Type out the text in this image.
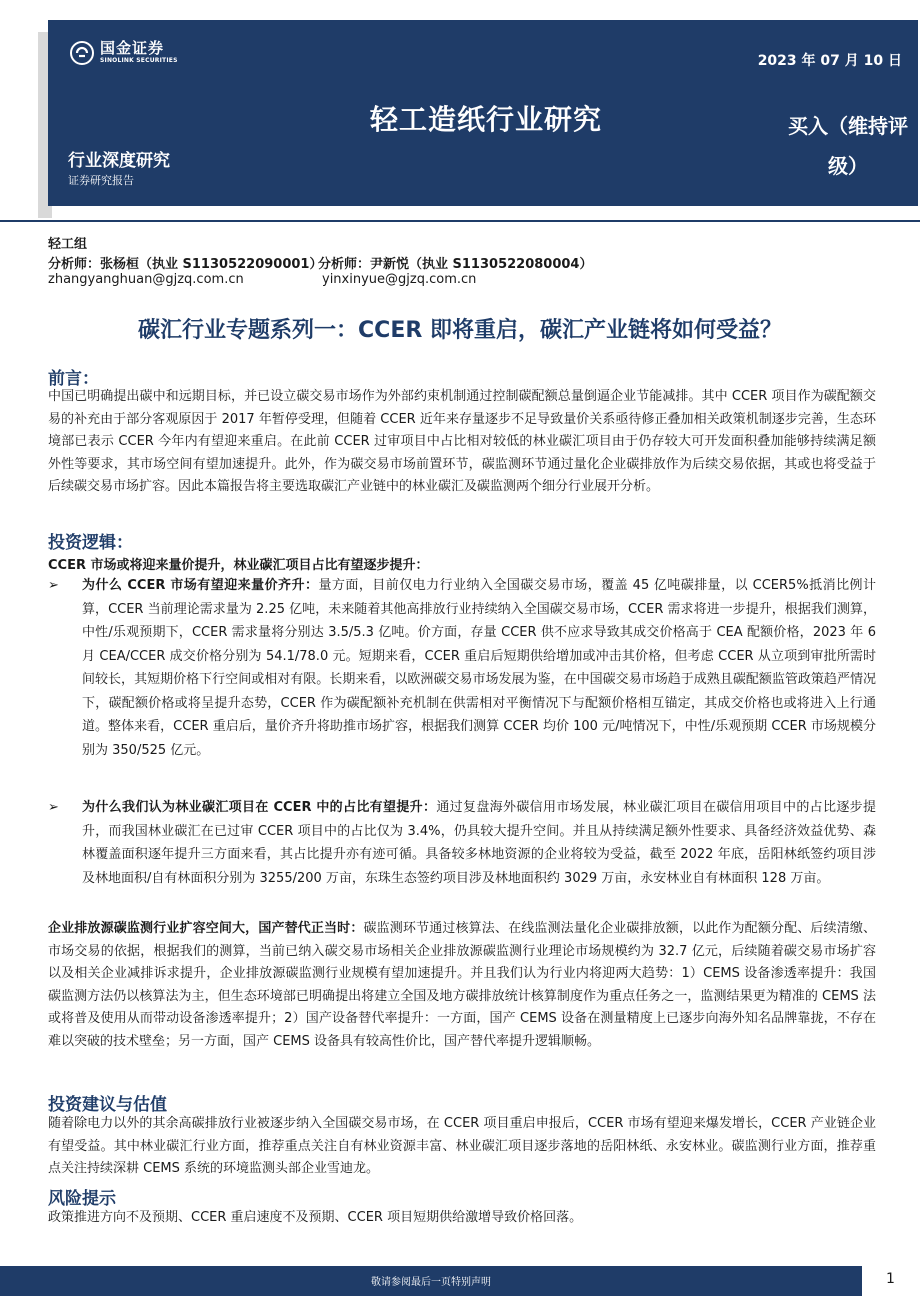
国金证券
SINOLINK SECURITIES	2023 年 07 月 10 日
轻工造纸行业研究	买入（维持评
级）
行业深度研究
证券研究报告
轻工组
分析师：张杨桓（执业 S1130522090001）分析师：尹新悦（执业 S1130522080004）
zhangyanghuan@gjzq.com.cn	yinxinyue@gjzq.com.cn
碳汇行业专题系列一：CCER 即将重启，碳汇产业链将如何受益？
前言：
中国已明确提出碳中和远期目标，并已设立碳交易市场作为外部约束机制通过控制碳配额总量倒逼企业节能减排。其中 CCER 项目作为碳配额交易的补充由于部分客观原因于 2017 年暂停受理，但随着 CCER 近年来存量逐步不足导致量价关系亟待修正叠加相关政策机制逐步完善，生态环境部已表示 CCER 今年内有望迎来重启。在此前 CCER 过审项目中占比相对较低的林业碳汇项目由于仍存较大可开发面积叠加能够持续满足额外性等要求，其市场空间有望加速提升。此外，作为碳交易市场前置环节，碳监测环节通过量化企业碳排放作为后续交易依据，其或也将受益于后续碳交易市场扩容。因此本篇报告将主要选取碳汇产业链中的林业碳汇及碳监测两个细分行业展开分析。
投资逻辑：
CCER 市场或将迎来量价提升，林业碳汇项目占比有望逐步提升：
➢	为什么 CCER 市场有望迎来量价齐升：量方面，目前仅电力行业纳入全国碳交易市场，覆盖 45 亿吨碳排量，以 CCER5%抵消比例计算，CCER 当前理论需求量为 2.25 亿吨，未来随着其他高排放行业持续纳入全国碳交易市场，CCER 需求将进一步提升，根据我们测算，中性/乐观预期下，CCER 需求量将分别达 3.5/5.3 亿吨。价方面，存量 CCER 供不应求导致其成交价格高于 CEA 配额价格，2023 年 6 月 CEA/CCER 成交价格分别为 54.1/78.0 元。短期来看，CCER 重启后短期供给增加或冲击其价格，但考虑 CCER 从立项到审批所需时间较长，其短期价格下行空间或相对有限。长期来看，以欧洲碳交易市场发展为鉴，在中国碳交易市场趋于成熟且碳配额监管政策趋严情况下，碳配额价格或将呈提升态势，CCER 作为碳配额补充机制在供需相对平衡情况下与配额价格相互锚定，其成交价格也或将进入上行通道。整体来看，CCER 重启后，量价齐升将助推市场扩容，根据我们测算 CCER 均价 100 元/吨情况下，中性/乐观预期 CCER 市场规模分别为 350/525 亿元。
➢	为什么我们认为林业碳汇项目在 CCER 中的占比有望提升：通过复盘海外碳信用市场发展，林业碳汇项目在碳信用项目中的占比逐步提升，而我国林业碳汇在已过审 CCER 项目中的占比仅为 3.4%，仍具较大提升空间。并且从持续满足额外性要求、具备经济效益优势、森林覆盖面积逐年提升三方面来看，其占比提升亦有迹可循。具备较多林地资源的企业将较为受益，截至 2022 年底，岳阳林纸签约项目涉及林地面积/自有林面积分别为 3255/200 万亩，东珠生态签约项目涉及林地面积约 3029 万亩，永安林业自有林面积 128 万亩。
企业排放源碳监测行业扩容空间大，国产替代正当时：碳监测环节通过核算法、在线监测法量化企业碳排放额，以此作为配额分配、后续清缴、市场交易的依据，根据我们的测算，当前已纳入碳交易市场相关企业排放源碳监测行业理论市场规模约为 32.7 亿元，后续随着碳交易市场扩容以及相关企业减排诉求提升，企业排放源碳监测行业规模有望加速提升。并且我们认为行业内将迎两大趋势：1）CEMS 设备渗透率提升：我国碳监测方法仍以核算法为主，但生态环境部已明确提出将建立全国及地方碳排放统计核算制度作为重点任务之一，监测结果更为精准的 CEMS 法或将普及使用从而带动设备渗透率提升；2）国产设备替代率提升：一方面，国产 CEMS 设备在测量精度上已逐步向海外知名品牌靠拢，不存在难以突破的技术壁垒；另一方面，国产 CEMS 设备具有较高性价比，国产替代率提升逻辑顺畅。
投资建议与估值
随着除电力以外的其余高碳排放行业被逐步纳入全国碳交易市场，在 CCER 项目重启申报后，CCER 市场有望迎来爆发增长，CCER 产业链企业有望受益。其中林业碳汇行业方面，推荐重点关注自有林业资源丰富、林业碳汇项目逐步落地的岳阳林纸、永安林业。碳监测行业方面，推荐重点关注持续深耕 CEMS 系统的环境监测头部企业雪迪龙。
风险提示
政策推进方向不及预期、CCER 重启速度不及预期、CCER 项目短期供给激增导致价格回落。
敬请参阅最后一页特别声明	1
